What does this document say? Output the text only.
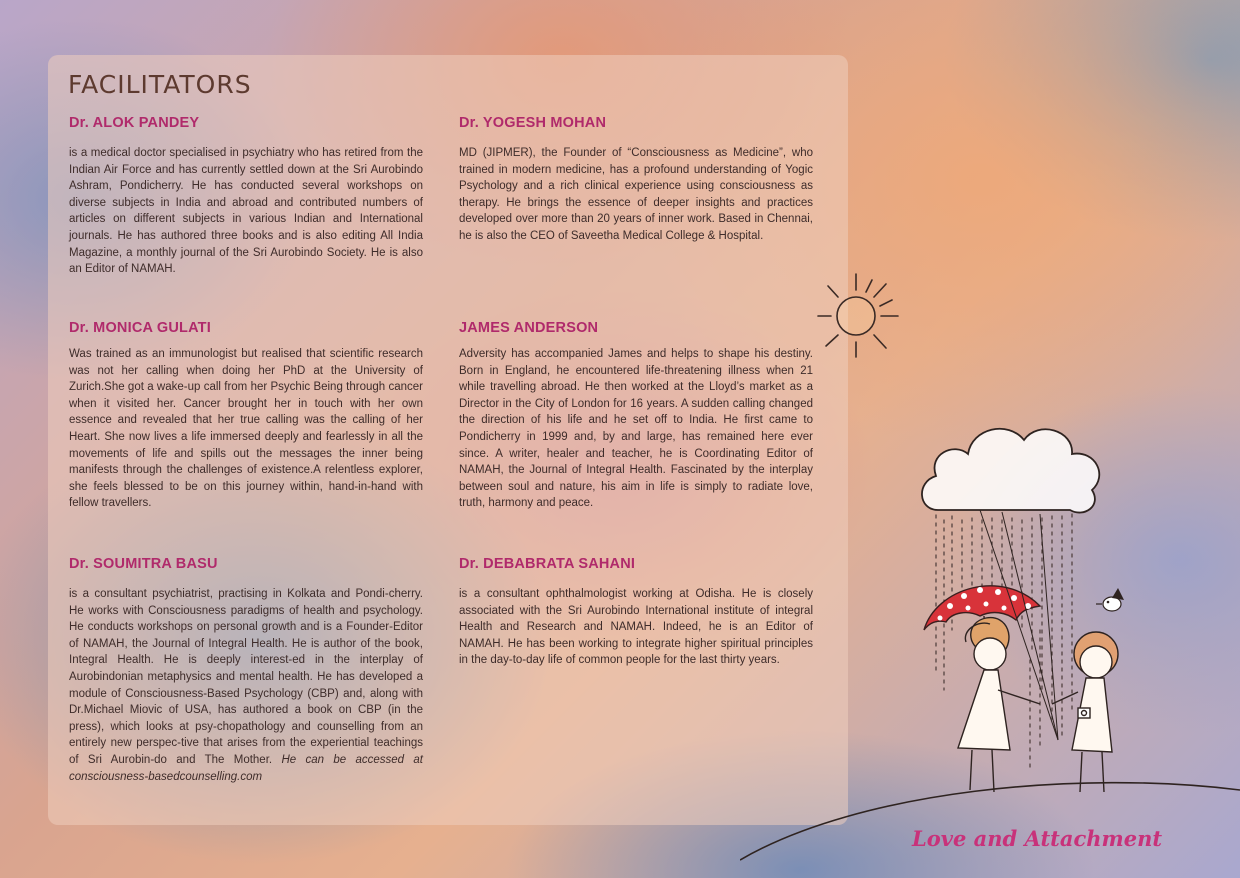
FACILITATORS
Dr. ALOK PANDEY

is a medical doctor specialised in psychiatry who has retired from the Indian Air Force and has currently settled down at the Sri Aurobindo Ashram, Pondicherry. He has conducted several workshops on diverse subjects in India and abroad and contributed numbers of articles on different subjects in various Indian and International journals. He has authored three books and is also editing All India Magazine, a monthly journal of the Sri Aurobindo Society. He is also an Editor of NAMAH.

Dr. YOGESH MOHAN

MD (JIPMER), the Founder of “Consciousness as Medicine”, who trained in modern medicine, has a profound understanding of Yogic Psychology and a rich clinical experience using consciousness as therapy. He brings the essence of deeper insights and practices developed over more than 20 years of inner work. Based in Chennai, he is also the CEO of Saveetha Medical College & Hospital.

Dr. MONICA GULATI

Was trained as an immunologist but realised that scientific research was not her calling when doing her PhD at the University of Zurich.She got a wake-up call from her Psychic Being through cancer when it visited her. Cancer brought her in touch with her own essence and revealed that her true calling was the calling of her Heart. She now lives a life immersed deeply and fearlessly in all the movements of life and spills out the messages the inner being manifests through the challenges of existence.A relentless explorer, she feels blessed to be on this journey within, hand-in-hand with fellow travellers.

JAMES ANDERSON

Adversity has accompanied James and helps to shape his destiny. Born in England, he encountered life-threatening illness when 21 while travelling abroad. He then worked at the Lloyd’s market as a Director in the City of London for 16 years. A sudden calling changed the direction of his life and he set off to India. He first came to Pondicherry in 1999 and, by and large, has remained here ever since. A writer, healer and teacher, he is Coordinating Editor of NAMAH, the Journal of Integral Health. Fascinated by the interplay between soul and nature, his aim in life is simply to radiate love, truth, harmony and peace.

Dr. SOUMITRA BASU

is a consultant psychiatrist, practising in Kolkata and Pondi-cherry. He works with Consciousness paradigms of health and psychology. He conducts workshops on personal growth and is a Founder-Editor of NAMAH, the Journal of Integral Health. He is author of the book, Integral Health. He is deeply interest-ed in the interplay of Aurobindonian metaphysics and mental health. He has developed a module of Consciousness-Based Psychology (CBP) and, along with Dr.Michael Miovic of USA, has authored a book on CBP (in the press), which looks at psy-chopathology and counselling from an entirely new perspec-tive that arises from the experiential teachings of Sri Aurobin-do and The Mother. He can be accessed at consciousness-basedcounselling.com

Dr. DEBABRATA SAHANI

is a consultant ophthalmologist working at Odisha. He is closely associated with the Sri Aurobindo International institute of integral Health and Research and NAMAH. Indeed, he is an Editor of NAMAH. He has been working to integrate higher spiritual principles in the day-to-day life of common people for the last thirty years.

Love and Attachment
